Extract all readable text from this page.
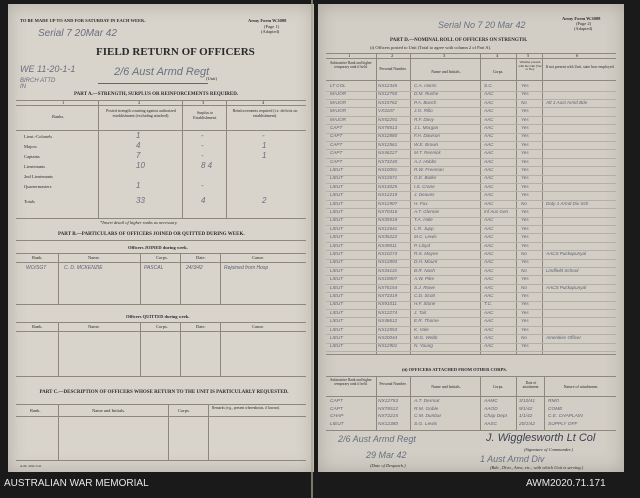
TO BE MADE UP TO AND FOR SATURDAY IN EACH WEEK.	Army Form W.3008
(Page 1)
(Adapted)
Serial 7 20Mar 42
FIELD RETURN OF OFFICERS
WE 11-20-1-1	2/6 Aust Armd Regt
(Unit)
BIRCH ATTD IN
PART A.—STRENGTH, SURPLUS OR REINFORCEMENTS REQUIRED.
1	2	3	4
Ranks.
Posted strength counting against authorized establishment (excluding attached).
Surplus to Establishment.
Reinforcements required (i.e. deficits on establishment).
Lieut.-Colonels	1	-	-
Majors	4	-	1
Captains	7	-	1
Lieutenants	10	8 4
2nd Lieutenants
Quartermasters	1	-
Totals	33	4	2
*Insert detail of higher ranks as necessary.
PART B.—PARTICULARS OF OFFICERS JOINED OR QUITTED DURING WEEK.
Officers JOINED during week.
Rank.	Name.	Corps.	Date.	Cause.
WO/SGT	C. D. MCKENZIE	PASCAL	24/3/42	Rejoined from Hosp
Officers QUITTED during week.
Rank.	Name.	Corps.	Date.	Cause.
PART C.—DESCRIPTION OF OFFICERS WHOSE RETURN TO THE UNIT IS PARTICULARLY REQUESTED.
Rank.	Name and Initials.	Corps.	Remarks (e.g., present whereabouts, if known).
A.M. 20m 5/41
Army Form W.3008
(Page 2)
(Adapted)
Serial No 7 20 Mar 42
PART D.—NOMINAL ROLL OF OFFICERS ON STRENGTH.
(i) Officers posted to Unit (Total to agree with column 2 of Part A).
1	2	3	4	5	6
Substantive Rank and higher temporary rank if held.	Personal Number.	Name and Initials.	Corps.
Whether present with the Unit (Yes or No).
If not present with Unit, state how employed.
LT COL	NX12345	C.A. Harris	S.C.	Yes
MAJOR	NX12750	D.M. Rushe	AAC	Yes
MAJOR	NX15762	P.A. Bunch	AAC	No	Att 1 Aust Armd Bde
MAJOR	VX3107	J.O. Rillo	AAC	Yes
MAJOR	NX52291	R.F. Davy	AAC	Yes
CAPT	NX78513	J.L. Morgan	AAC	Yes
CAPT	NX12880	F.H. Dawson	AAC	Yes
CAPT	NX12561	W.E. Brown	AAC	Yes
CAPT	NX46227	M.T. Rennick	AAC	Yes
CAPT	NX73240	A.J. Hobbs	AAC	Yes
LIEUT	NX10091	R.W. Freeman	AAC	Yes
LIEUT	NX12671	G.E. Butler	AAC	Yes
LIEUT	NX14025	I.S. Crane	AAC	Yes
LIEUT	NX12219	J. Deaves	AAC	Yes
LIEUT	NX12907	H. Fox	AAC	No	Duty 1 Armd Div Sch
LIEUT	NX70416	A.T. Glennie	Inf Aus Gen	Yes
LIEUT	NX35518	T.A. Hale	AAC	Yes
LIEUT	NX12641	L.R. Jupp	AAC	Yes
LIEUT	NX35222	M.C. Lewis	AAC	Yes
LIEUT	NX49011	P. Lloyd	AAC	Yes
LIEUT	NX10273	R.S. Mayne	AAC	No	AACS Puckapunyal
LIEUT	NX12893	D.H. Mount	AAC	Yes
LIEUT	NX34115	B.R. Nash	AAC	No	Lindfield School
LIEUT	NX19007	A.W. Pike	AAC	Yes
LIEUT	NX76154	S.J. Rowe	AAC	No	AACS Puckapunyal
LIEUT	NX73319	C.D. Scott	AAC	Yes
LIEUT	NX91011	H.F. Stone	T.C.	Yes
LIEUT	NX12274	J. Tait	AAC	Yes
LIEUT	NX48612	E.R. Thorne	AAC	Yes
LIEUT	NX12553	K. Vale	AAC	Yes
LIEUT	NX20044	W.G. Webb	AAC	No	Amenities Officer
LIEUT	NX12901	N. Young	AAC	Yes
(ii) OFFICERS ATTACHED FROM OTHER CORPS.
Substantive Rank and higher temporary rank if held.	Personal Number.	Name and Initials.	Corps.
Date of attachment.	Nature of attachment.
CAPT	NX12753	A.T. Dermat	AAMC	3/10/41	RMO
CAPT	NX76512	R.M. Goble	AAOD	9/1/42	COME
CHAP	NX72215	C.M. Dunbar	Chap Dept	1/1/42	C.E. CHAPLAIN
LIEUT	NX12380	S.G. Lewis	AASC	20/1/42	SUPPLY OFF
2/6 Aust Armd Regt
29 Mar 42
(Date of Despatch.)
J. Wigglesworth Lt Col
(Signature of Commander.)
1 Aust Armd Div
(Bde., Divn., Area, etc., with which Unit is serving.)
AUSTRALIAN WAR MEMORIAL	AWM2020.71.171
